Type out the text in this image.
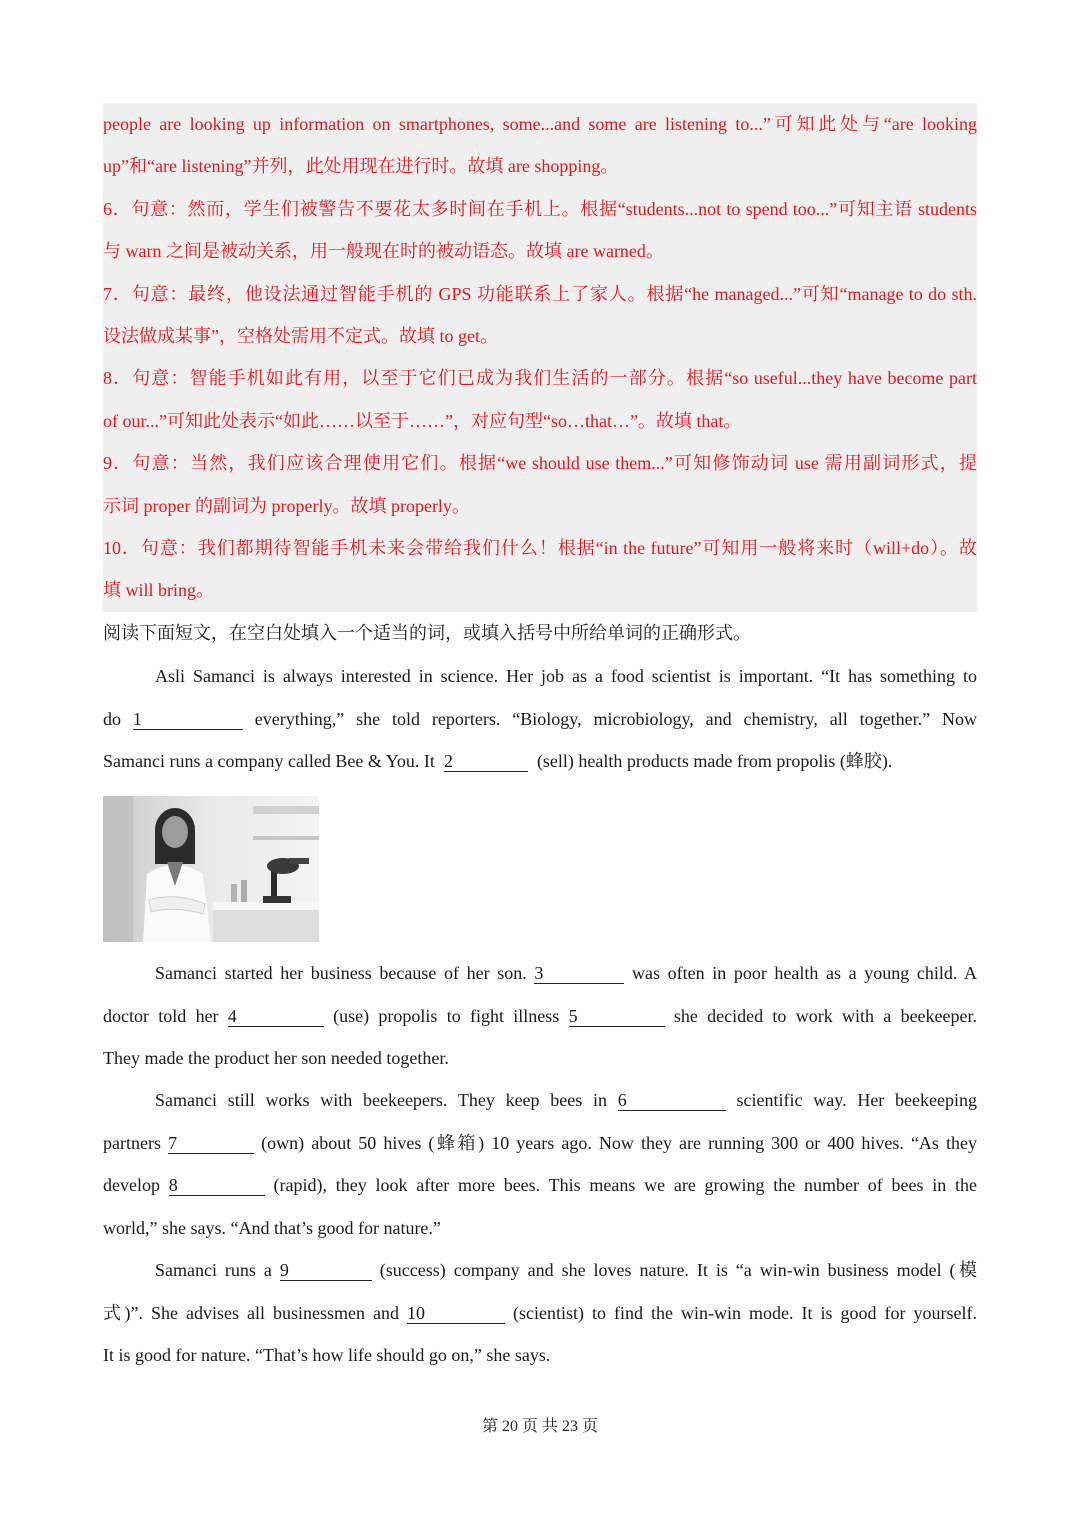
people are looking up information on smartphones, some...and some are listening to...”可知此处与“are looking
up”和“are listening”并列，此处用现在进行时。故填 are shopping。
6．句意：然而，学生们被警告不要花太多时间在手机上。根据“students...not to spend too...”可知主语 students
与 warn 之间是被动关系，用一般现在时的被动语态。故填 are warned。
7．句意：最终，他设法通过智能手机的 GPS 功能联系上了家人。根据“he managed...”可知“manage to do sth.
设法做成某事”，空格处需用不定式。故填 to get。
8．句意：智能手机如此有用，以至于它们已成为我们生活的一部分。根据“so useful...they have become part
of our...”可知此处表示“如此……以至于……”，对应句型“so…that…”。故填 that。
9．句意：当然，我们应该合理使用它们。根据“we should use them...”可知修饰动词 use 需用副词形式，提
示词 proper 的副词为 properly。故填 properly。
10．句意：我们都期待智能手机未来会带给我们什么！根据“in the future”可知用一般将来时（will+do）。故
填 will bring。
阅读下面短文，在空白处填入一个适当的词，或填入括号中所给单词的正确形式。
Asli Samanci is always interested in science. Her job as a food scientist is important. “It has something to
do 1	everything,” she told reporters. “Biology, microbiology, and chemistry, all together.” Now
Samanci runs a company called Bee & You. It 2	(sell) health products made from propolis (蜂胶).
Samanci started her business because of her son. 3	was often in poor health as a young child. A
doctor told her 4	(use) propolis to fight illness 5	she decided to work with a beekeeper.
They made the product her son needed together.
Samanci still works with beekeepers. They keep bees in 6	scientific way. Her beekeeping
partners 7	(own) about 50 hives (蜂箱) 10 years ago. Now they are running 300 or 400 hives. “As they
develop 8	(rapid), they look after more bees. This means we are growing the number of bees in the
world,” she says. “And that’s good for nature.”
Samanci runs a 9	(success) company and she loves nature. It is “a win-win business model (模
式)”. She advises all businessmen and 10	(scientist) to find the win-win mode. It is good for yourself.
It is good for nature. “That’s how life should go on,” she says.
第 20 页 共 23 页
